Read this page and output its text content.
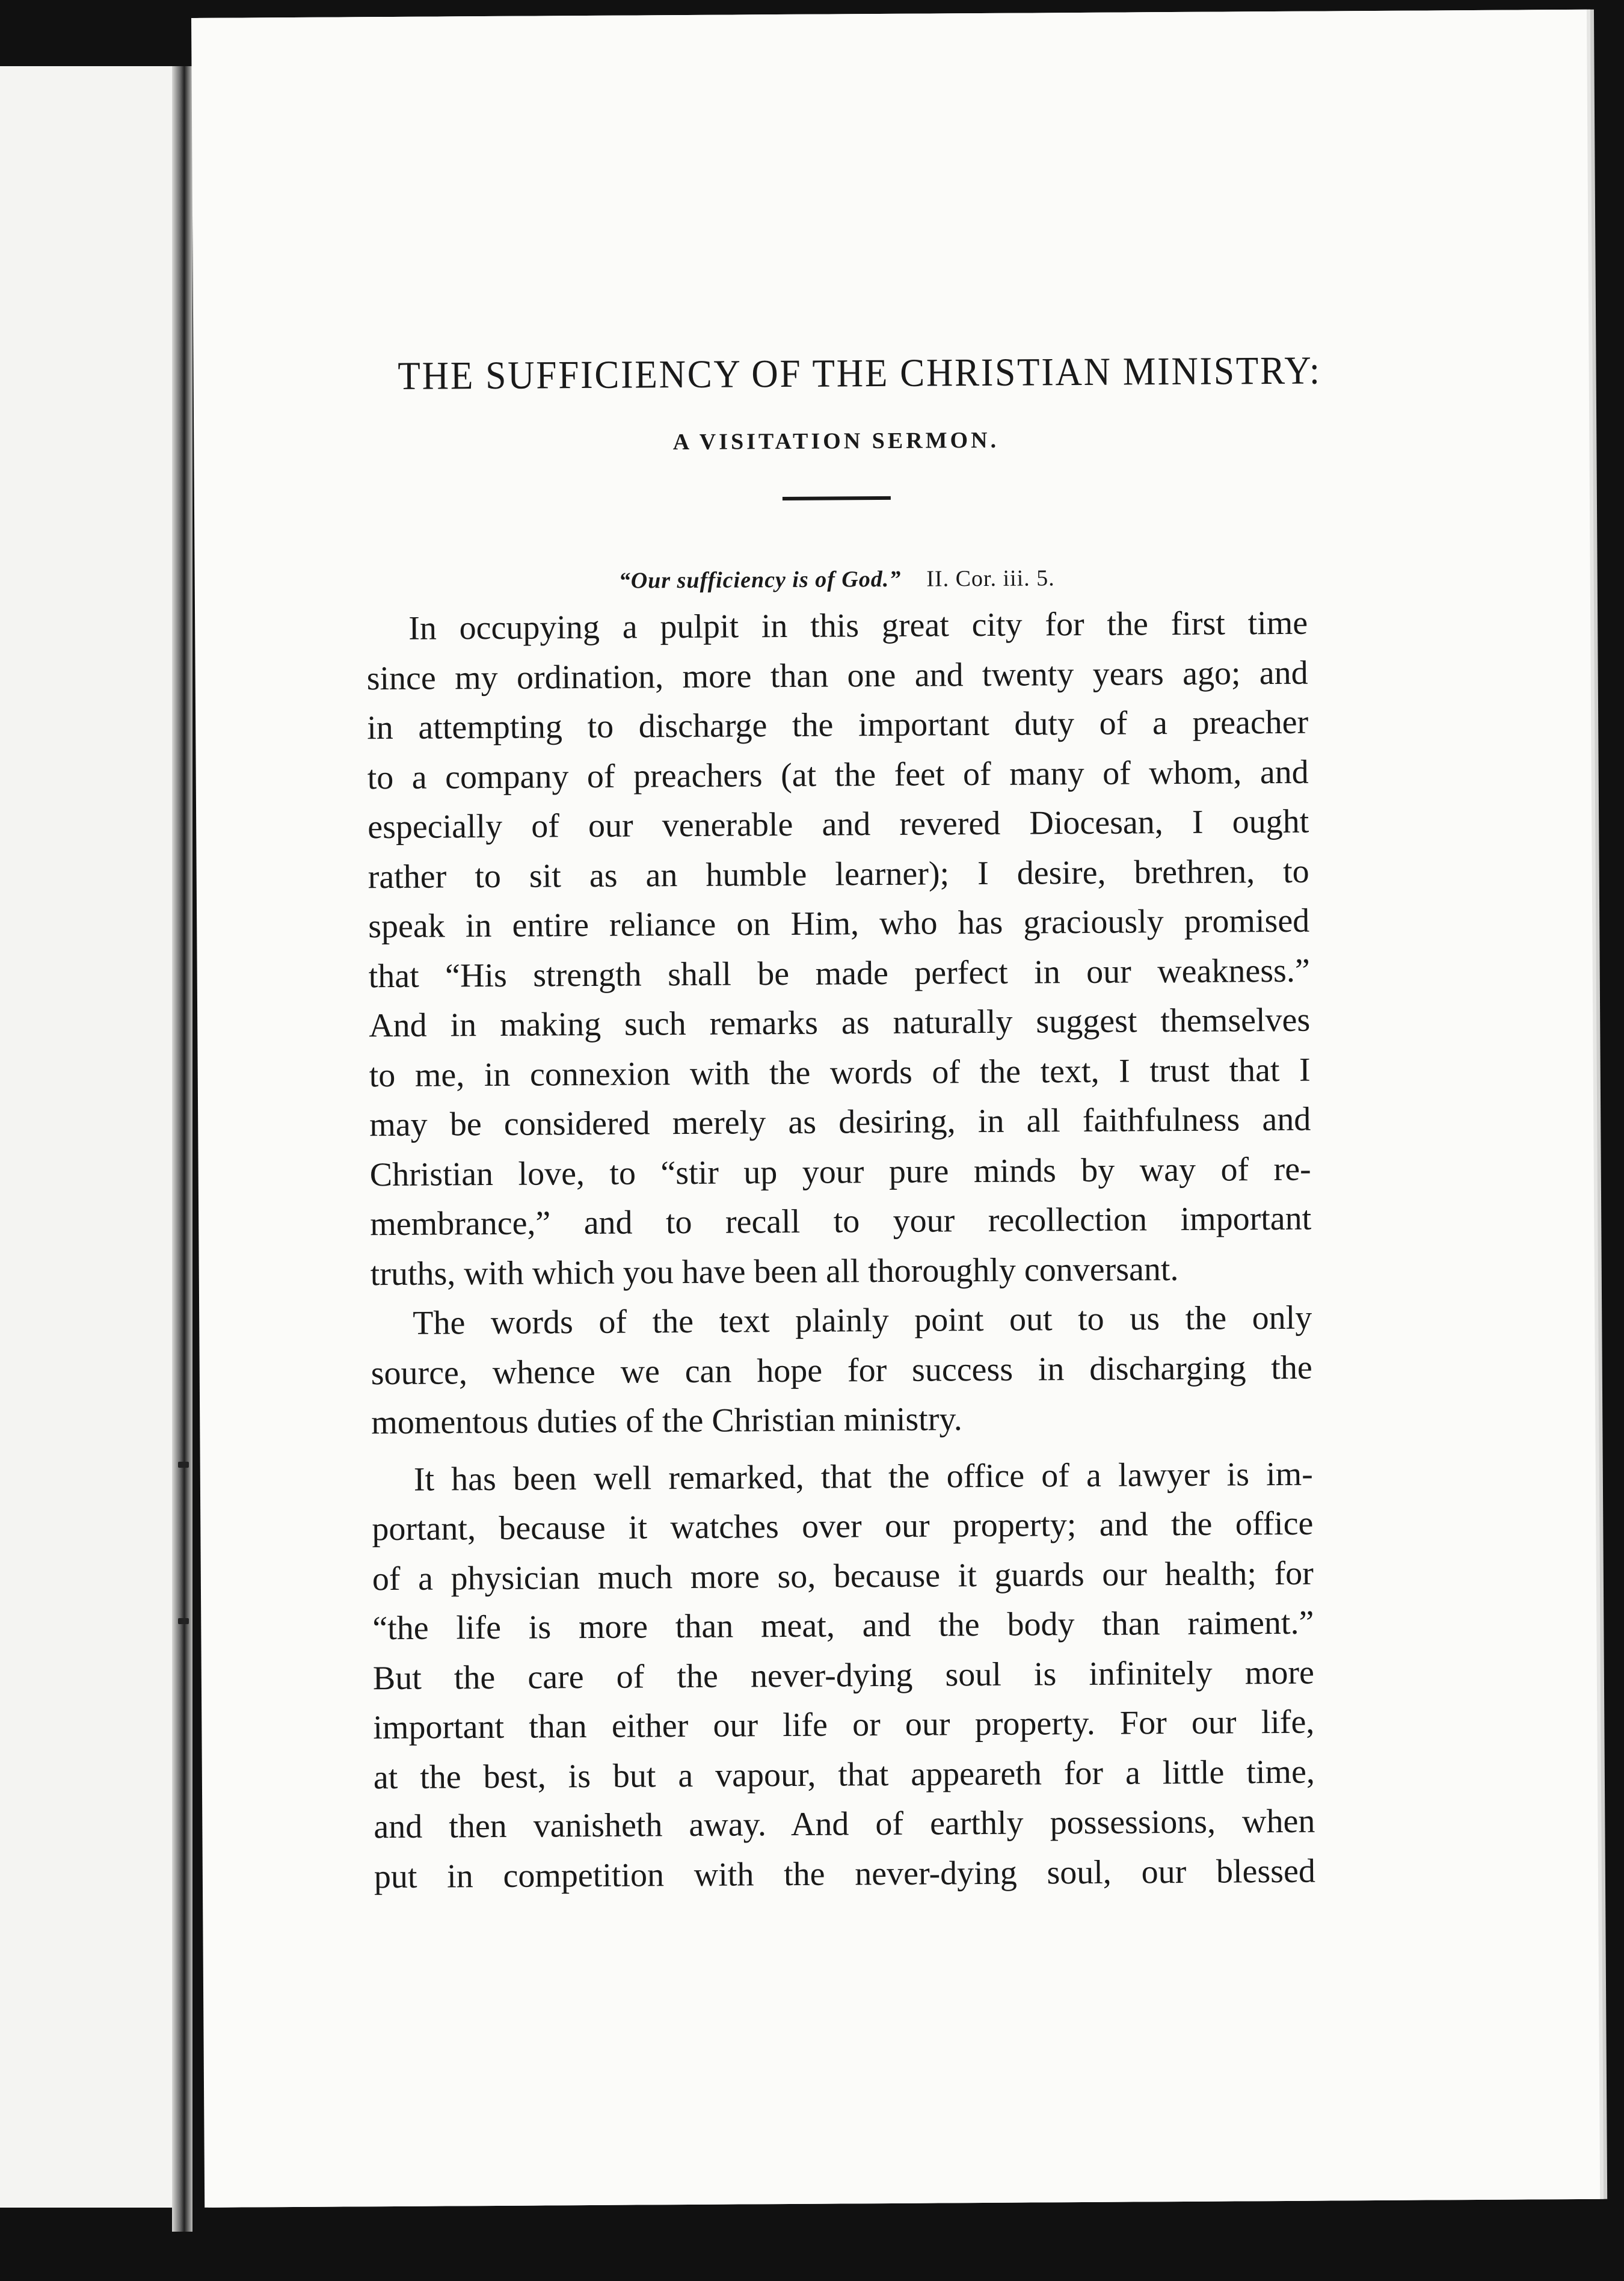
THE SUFFICIENCY OF THE CHRISTIAN MINISTRY:
A VISITATION SERMON.
“Our sufficiency is of God.” II. Cor. iii. 5.
In occupying a pulpit in this great city for the first time
since my ordination, more than one and twenty years ago; and
in attempting to discharge the important duty of a preacher
to a company of preachers (at the feet of many of whom, and
especially of our venerable and revered Diocesan, I ought
rather to sit as an humble learner); I desire, brethren, to
speak in entire reliance on Him, who has graciously promised
that “His strength shall be made perfect in our weakness.”
And in making such remarks as naturally suggest themselves
to me, in connexion with the words of the text, I trust that I
may be considered merely as desiring, in all faithfulness and
Christian love, to “stir up your pure minds by way of re-
membrance,” and to recall to your recollection important
truths, with which you have been all thoroughly conversant.
The words of the text plainly point out to us the only
source, whence we can hope for success in discharging the
momentous duties of the Christian ministry.
It has been well remarked, that the office of a lawyer is im-
portant, because it watches over our property; and the office
of a physician much more so, because it guards our health; for
“the life is more than meat, and the body than raiment.”
But the care of the never-dying soul is infinitely more
important than either our life or our property. For our life,
at the best, is but a vapour, that appeareth for a little time,
and then vanisheth away. And of earthly possessions, when
put in competition with the never-dying soul, our blessed
